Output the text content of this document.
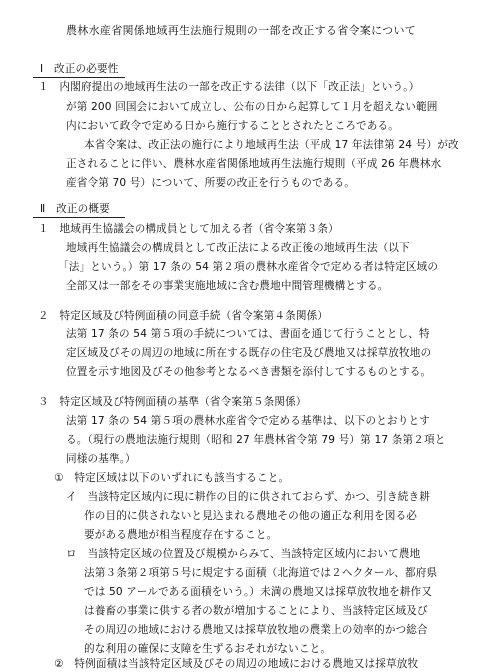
農林水産省関係地域再生法施行規則の一部を改正する省令案について
Ⅰ　改正の必要性
１　内閣府提出の地域再生法の一部を改正する法律（以下「改正法」という。）
が第 200 回国会において成立し、公布の日から起算して１月を超えない範囲
内において政令で定める日から施行することとされたところである。
本省令案は、改正法の施行により地域再生法（平成 17 年法律第 24 号）が改
正されることに伴い、農林水産省関係地域再生法施行規則（平成 26 年農林水
産省令第 70 号）について、所要の改正を行うものである。
Ⅱ　改正の概要
１　地域再生協議会の構成員として加える者（省令案第３条）
地域再生協議会の構成員として改正法による改正後の地域再生法（以下
「法」という。）第 17 条の 54 第２項の農林水産省令で定める者は特定区域の
全部又は一部をその事業実施地域に含む農地中間管理機構とする。
２　特定区域及び特例面積の同意手続（省令案第４条関係）
法第 17 条の 54 第５項の手続については、書面を通じて行うこととし、特
定区域及びその周辺の地域に所在する既存の住宅及び農地又は採草放牧地の
位置を示す地図及びその他参考となるべき書類を添付してするものとする。
３　特定区域及び特例面積の基準（省令案第５条関係）
法第 17 条の 54 第５項の農林水産省令で定める基準は、以下のとおりとす
る。（現行の農地法施行規則（昭和 27 年農林省令第 79 号）第 17 条第２項と
同様の基準。）
①　特定区域は以下のいずれにも該当すること。
イ　当該特定区域内に現に耕作の目的に供されておらず、かつ、引き続き耕
作の目的に供されないと見込まれる農地その他の適正な利用を図る必
要がある農地が相当程度存在すること。
ロ　当該特定区域の位置及び規模からみて、当該特定区域内において農地
法第３条第２項第５号に規定する面積（北海道では２ヘクタール、都府県
では 50 アールである面積をいう。）未満の農地又は採草放牧地を耕作又
は養畜の事業に供する者の数が増加することにより、当該特定区域及び
その周辺の地域における農地又は採草放牧地の農業上の効率的かつ総合
的な利用の確保に支障を生ずるおそれがないこと。
②　特例面積は当該特定区域及びその周辺の地域における農地又は採草放牧
